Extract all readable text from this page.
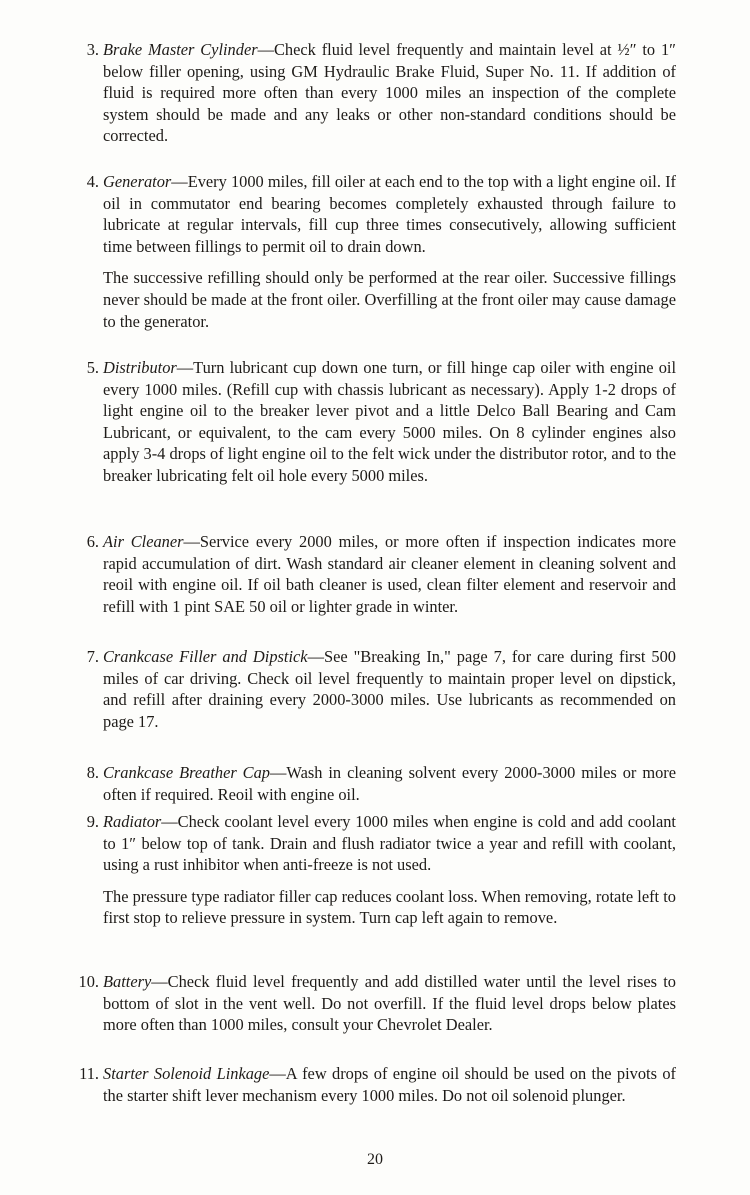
3. Brake Master Cylinder—Check fluid level frequently and maintain level at ½″ to 1″ below filler opening, using GM Hydraulic Brake Fluid, Super No. 11. If addition of fluid is required more often than every 1000 miles an inspection of the complete system should be made and any leaks or other non-standard conditions should be corrected.
4. Generator—Every 1000 miles, fill oiler at each end to the top with a light engine oil. If oil in commutator end bearing becomes completely exhausted through failure to lubricate at regular intervals, fill cup three times consecutively, allowing sufficient time between fillings to permit oil to drain down.
The successive refilling should only be performed at the rear oiler. Successive fillings never should be made at the front oiler. Overfilling at the front oiler may cause damage to the generator.
5. Distributor—Turn lubricant cup down one turn, or fill hinge cap oiler with engine oil every 1000 miles. (Refill cup with chassis lubricant as necessary). Apply 1-2 drops of light engine oil to the breaker lever pivot and a little Delco Ball Bearing and Cam Lubricant, or equivalent, to the cam every 5000 miles. On 8 cylinder engines also apply 3-4 drops of light engine oil to the felt wick under the distributor rotor, and to the breaker lubricating felt oil hole every 5000 miles.
6. Air Cleaner—Service every 2000 miles, or more often if inspection indicates more rapid accumulation of dirt. Wash standard air cleaner element in cleaning solvent and reoil with engine oil. If oil bath cleaner is used, clean filter element and reservoir and refill with 1 pint SAE 50 oil or lighter grade in winter.
7. Crankcase Filler and Dipstick—See "Breaking In," page 7, for care during first 500 miles of car driving. Check oil level frequently to maintain proper level on dipstick, and refill after draining every 2000-3000 miles. Use lubricants as recommended on page 17.
8. Crankcase Breather Cap—Wash in cleaning solvent every 2000-3000 miles or more often if required. Reoil with engine oil.
9. Radiator—Check coolant level every 1000 miles when engine is cold and add coolant to 1″ below top of tank. Drain and flush radiator twice a year and refill with coolant, using a rust inhibitor when anti-freeze is not used.
The pressure type radiator filler cap reduces coolant loss. When removing, rotate left to first stop to relieve pressure in system. Turn cap left again to remove.
10. Battery—Check fluid level frequently and add distilled water until the level rises to bottom of slot in the vent well. Do not overfill. If the fluid level drops below plates more often than 1000 miles, consult your Chevrolet Dealer.
11. Starter Solenoid Linkage—A few drops of engine oil should be used on the pivots of the starter shift lever mechanism every 1000 miles. Do not oil solenoid plunger.
20
